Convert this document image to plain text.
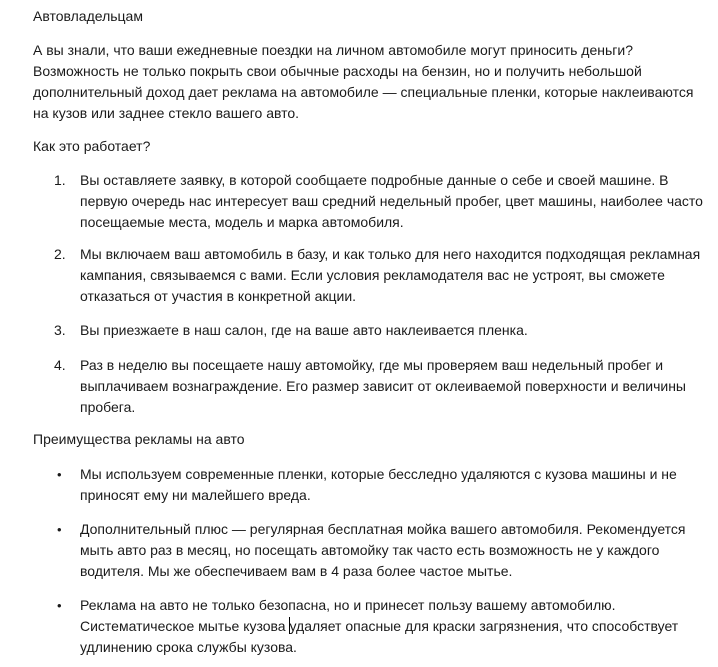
Автовладельцам

А вы знали, что ваши ежедневные поездки на личном автомобиле могут приносить деньги? Возможность не только покрыть свои обычные расходы на бензин, но и получить небольшой дополнительный доход дает реклама на автомобиле — специальные пленки, которые наклеиваются на кузов или заднее стекло вашего авто.

Как это работает?

1. Вы оставляете заявку, в которой сообщаете подробные данные о себе и своей машине. В первую очередь нас интересует ваш средний недельный пробег, цвет машины, наиболее часто посещаемые места, модель и марка автомобиля.

2. Мы включаем ваш автомобиль в базу, и как только для него находится подходящая рекламная кампания, связываемся с вами. Если условия рекламодателя вас не устроят, вы сможете отказаться от участия в конкретной акции.

3. Вы приезжаете в наш салон, где на ваше авто наклеивается пленка.

4. Раз в неделю вы посещаете нашу автомойку, где мы проверяем ваш недельный пробег и выплачиваем вознаграждение. Его размер зависит от оклеиваемой поверхности и величины пробега.

Преимущества рекламы на авто

• Мы используем современные пленки, которые бесследно удаляются с кузова машины и не приносят ему ни малейшего вреда.

• Дополнительный плюс — регулярная бесплатная мойка вашего автомобиля. Рекомендуется мыть авто раз в месяц, но посещать автомойку так часто есть возможность не у каждого водителя. Мы же обеспечиваем вам в 4 раза более частое мытье.

• Реклама на авто не только безопасна, но и принесет пользу вашему автомобилю. Систематическое мытье кузова удаляет опасные для краски загрязнения, что способствует удлинению срока службы кузова.
